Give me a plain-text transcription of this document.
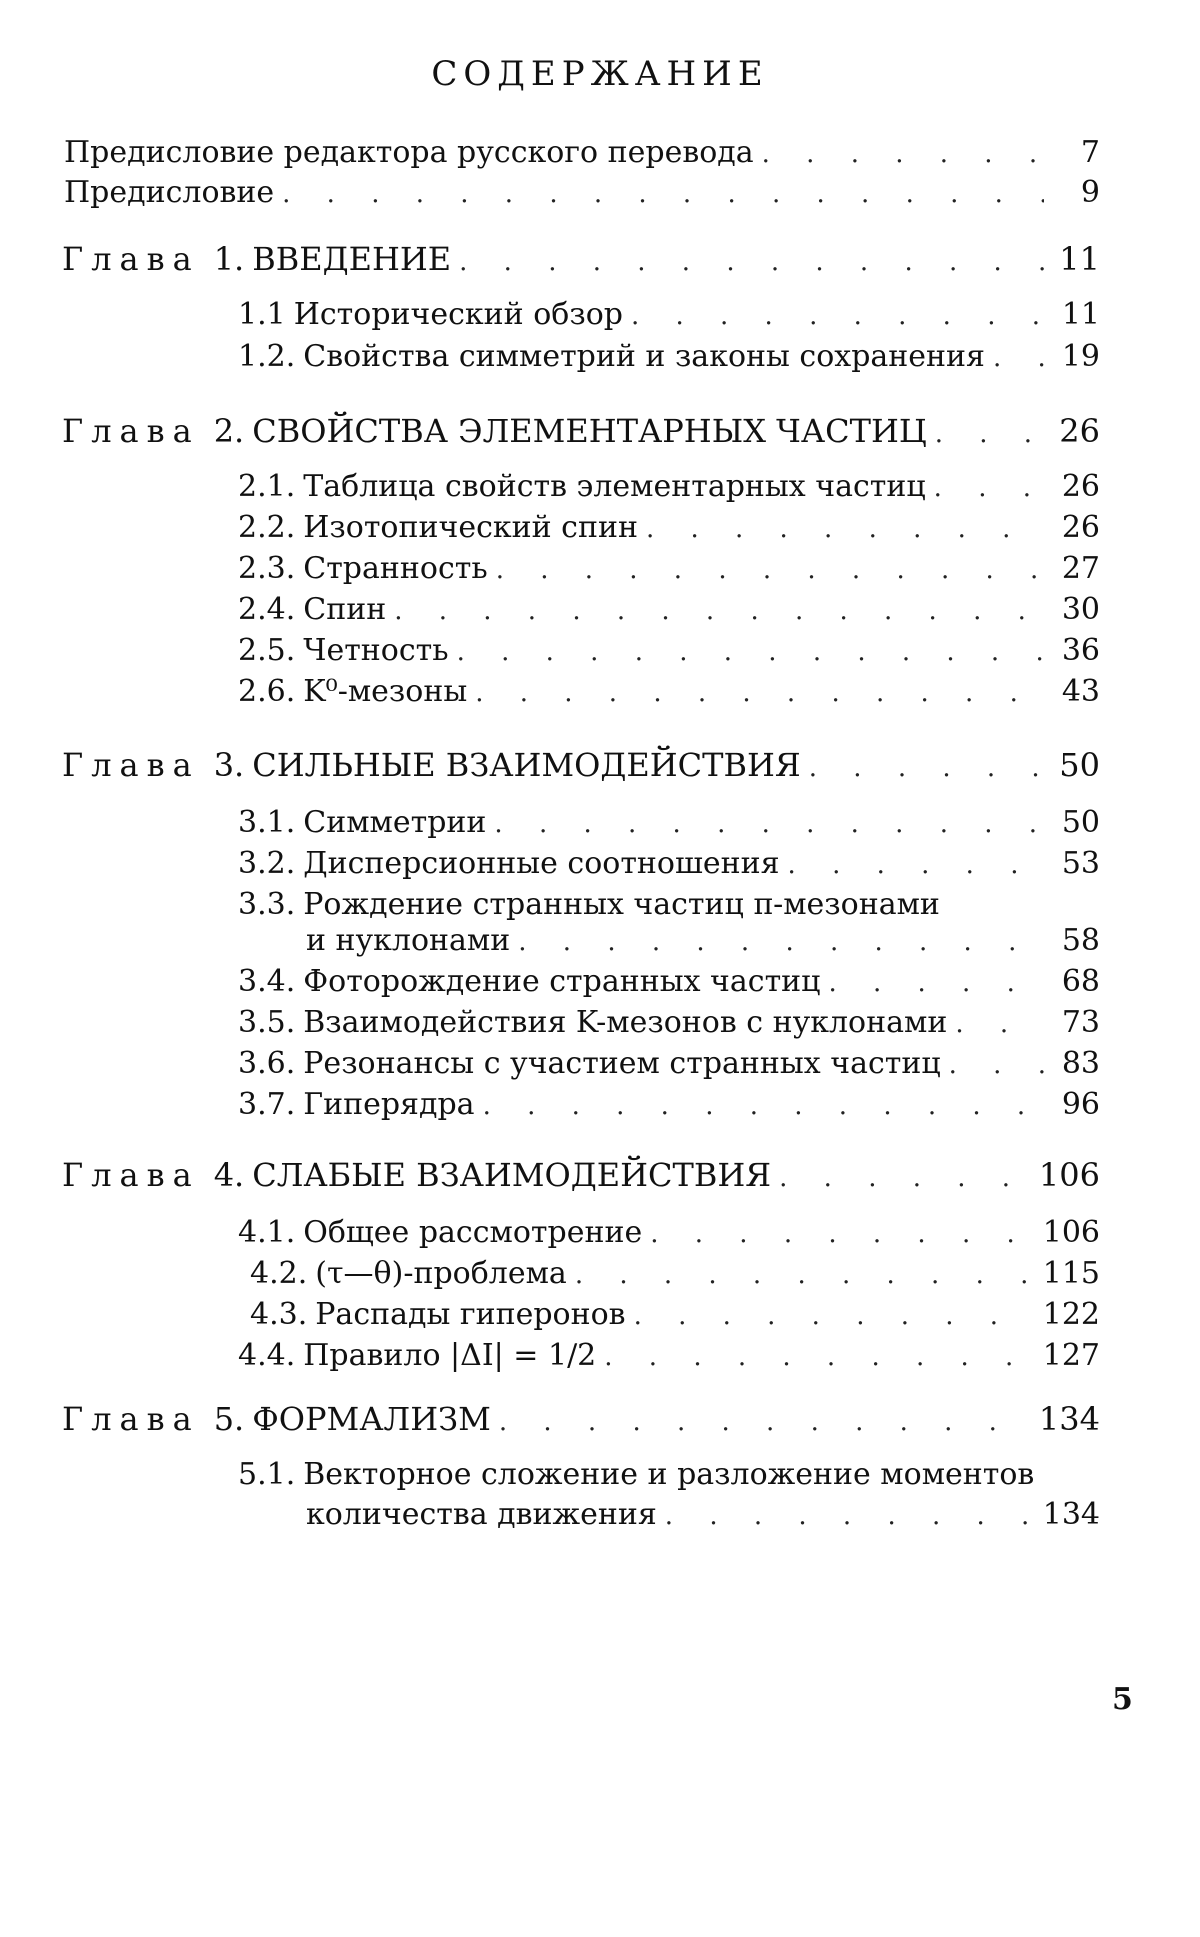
СОДЕРЖАНИЕ
Предисловие редактора русского перевода . . .	7
Предисловие . . .	9
Глава 1. ВВЕДЕНИЕ . . .	11
1.1 Исторический обзор . . .	11
1.2. Свойства симметрий и законы сохранения . . .	19
Глава 2. СВОЙСТВА ЭЛЕМЕНТАРНЫХ ЧАСТИЦ . . .	26
2.1. Таблица свойств элементарных частиц . . .	26
2.2. Изотопический спин . . .	26
2.3. Странность . . .	27
2.4. Спин . . .	30
2.5. Четность . . .	36
2.6. K⁰-мезоны . . .	43
Глава 3. СИЛЬНЫЕ ВЗАИМОДЕЙСТВИЯ . . .	50
3.1. Симметрии . . .	50
3.2. Дисперсионные соотношения . . .	53
3.3. Рождение странных частиц π-мезонами
и нуклонами . . .	58
3.4. Фоторождение странных частиц . . .	68
3.5. Взаимодействия K-мезонов с нуклонами . . .	73
3.6. Резонансы с участием странных частиц . . .	83
3.7. Гиперядра . . .	96
Глава 4. СЛАБЫЕ ВЗАИМОДЕЙСТВИЯ . . .	106
4.1. Общее рассмотрение . . .	106
4.2. (τ—θ)-проблема . . .	115
4.3. Распады гиперонов . . .	122
4.4. Правило |ΔI| = 1/2 . . .	127
Глава 5. ФОРМАЛИЗМ . . .	134
5.1. Векторное сложение и разложение моментов
количества движения . . .	134
5
